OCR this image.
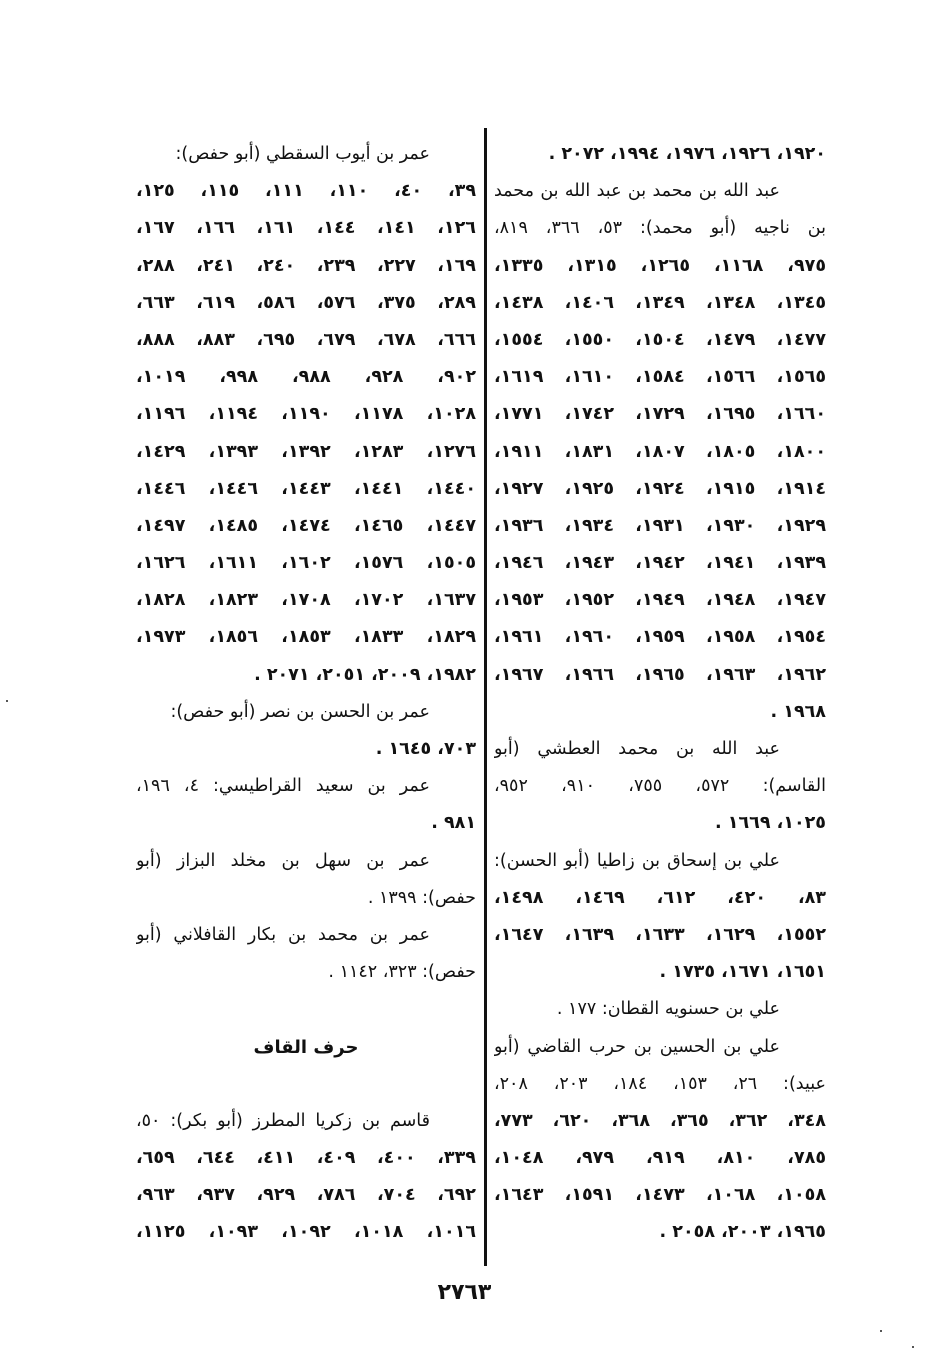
١٩٢٠، ١٩٢٦، ١٩٧٦، ١٩٩٤، ٢٠٧٢ .
عبد الله بن محمد بن عبد الله بن محمد
بن ناجيه (أبو محمد): ٥٣، ٣٦٦، ٨١٩،
٩٧٥، ١١٦٨، ١٢٦٥، ١٣١٥، ١٣٣٥،
١٣٤٥، ١٣٤٨، ١٣٤٩، ١٤٠٦، ١٤٣٨،
١٤٧٧، ١٤٧٩، ١٥٠٤، ١٥٥٠، ١٥٥٤،
١٥٦٥، ١٥٦٦، ١٥٨٤، ١٦١٠، ١٦١٩،
١٦٦٠، ١٦٩٥، ١٧٢٩، ١٧٤٢، ١٧٧١،
١٨٠٠، ١٨٠٥، ١٨٠٧، ١٨٣١، ١٩١١،
١٩١٤، ١٩١٥، ١٩٢٤، ١٩٢٥، ١٩٢٧،
١٩٢٩، ١٩٣٠، ١٩٣١، ١٩٣٤، ١٩٣٦،
١٩٣٩، ١٩٤١، ١٩٤٢، ١٩٤٣، ١٩٤٦،
١٩٤٧، ١٩٤٨، ١٩٤٩، ١٩٥٢، ١٩٥٣،
١٩٥٤، ١٩٥٨، ١٩٥٩، ١٩٦٠، ١٩٦١،
١٩٦٢، ١٩٦٣، ١٩٦٥، ١٩٦٦، ١٩٦٧،
١٩٦٨ .
عبد الله بن محمد العطشي (أبو
القاسم): ٥٧٢، ٧٥٥، ٩١٠، ٩٥٢،
١٠٢٥، ١٦٦٩ .
علي بن إسحاق بن زاطيا (أبو الحسن):
٨٣، ٤٢٠، ٦١٢، ١٤٦٩، ١٤٩٨،
١٥٥٢، ١٦٢٩، ١٦٣٣، ١٦٣٩، ١٦٤٧،
١٦٥١، ١٦٧١، ١٧٣٥ .
علي بن حسنويه القطان: ١٧٧ .
علي بن الحسين بن حرب القاضي (أبو
عبيد): ٢٦، ١٥٣، ١٨٤، ٢٠٣، ٢٠٨،
٣٤٨، ٣٦٢، ٣٦٥، ٣٦٨، ٦٢٠، ٧٧٣،
٧٨٥، ٨١٠، ٩١٩، ٩٧٩، ١٠٤٨،
١٠٥٨، ١٠٦٨، ١٤٧٣، ١٥٩١، ١٦٤٣،
١٩٦٥، ٢٠٠٣، ٢٠٥٨ .
عمر بن أيوب السقطي (أبو حفص):
٣٩، ٤٠، ١١٠، ١١١، ١١٥، ١٢٥،
١٢٦، ١٤١، ١٤٤، ١٦١، ١٦٦، ١٦٧،
١٦٩، ٢٢٧، ٢٣٩، ٢٤٠، ٢٤١، ٢٨٨،
٢٨٩، ٣٧٥، ٥٧٦، ٥٨٦، ٦١٩، ٦٦٣،
٦٦٦، ٦٧٨، ٦٧٩، ٦٩٥، ٨٨٣، ٨٨٨،
٩٠٢، ٩٢٨، ٩٨٨، ٩٩٨، ١٠١٩،
١٠٢٨، ١١٧٨، ١١٩٠، ١١٩٤، ١١٩٦،
١٢٧٦، ١٢٨٣، ١٣٩٢، ١٣٩٣، ١٤٢٩،
١٤٤٠، ١٤٤١، ١٤٤٣، ١٤٤٦، ١٤٤٦،
١٤٤٧، ١٤٦٥، ١٤٧٤، ١٤٨٥، ١٤٩٧،
١٥٠٥، ١٥٧٦، ١٦٠٢، ١٦١١، ١٦٢٦،
١٦٣٧، ١٧٠٢، ١٧٠٨، ١٨٢٣، ١٨٢٨،
١٨٢٩، ١٨٣٣، ١٨٥٣، ١٨٥٦، ١٩٧٣،
١٩٨٢، ٢٠٠٩، ٢٠٥١، ٢٠٧١ .
عمر بن الحسن بن نصر (أبو حفص):
٧٠٣، ١٦٤٥ .
عمر بن سعيد القراطيسي: ٤، ١٩٦،
٩٨١ .
عمر بن سهل بن مخلد البزاز (أبو
حفص): ١٣٩٩ .
عمر بن محمد بن بكار القافلاني (أبو
حفص): ٣٢٣، ١١٤٢ .
حرف القاف
قاسم بن زكريا المطرز (أبو بكر): ٥٠،
٣٣٩، ٤٠٠، ٤٠٩، ٤١١، ٦٤٤، ٦٥٩،
٦٩٢، ٧٠٤، ٧٨٦، ٩٢٩، ٩٣٧، ٩٦٣،
١٠١٦، ١٠١٨، ١٠٩٢، ١٠٩٣، ١١٢٥،
٢٧٦٣
